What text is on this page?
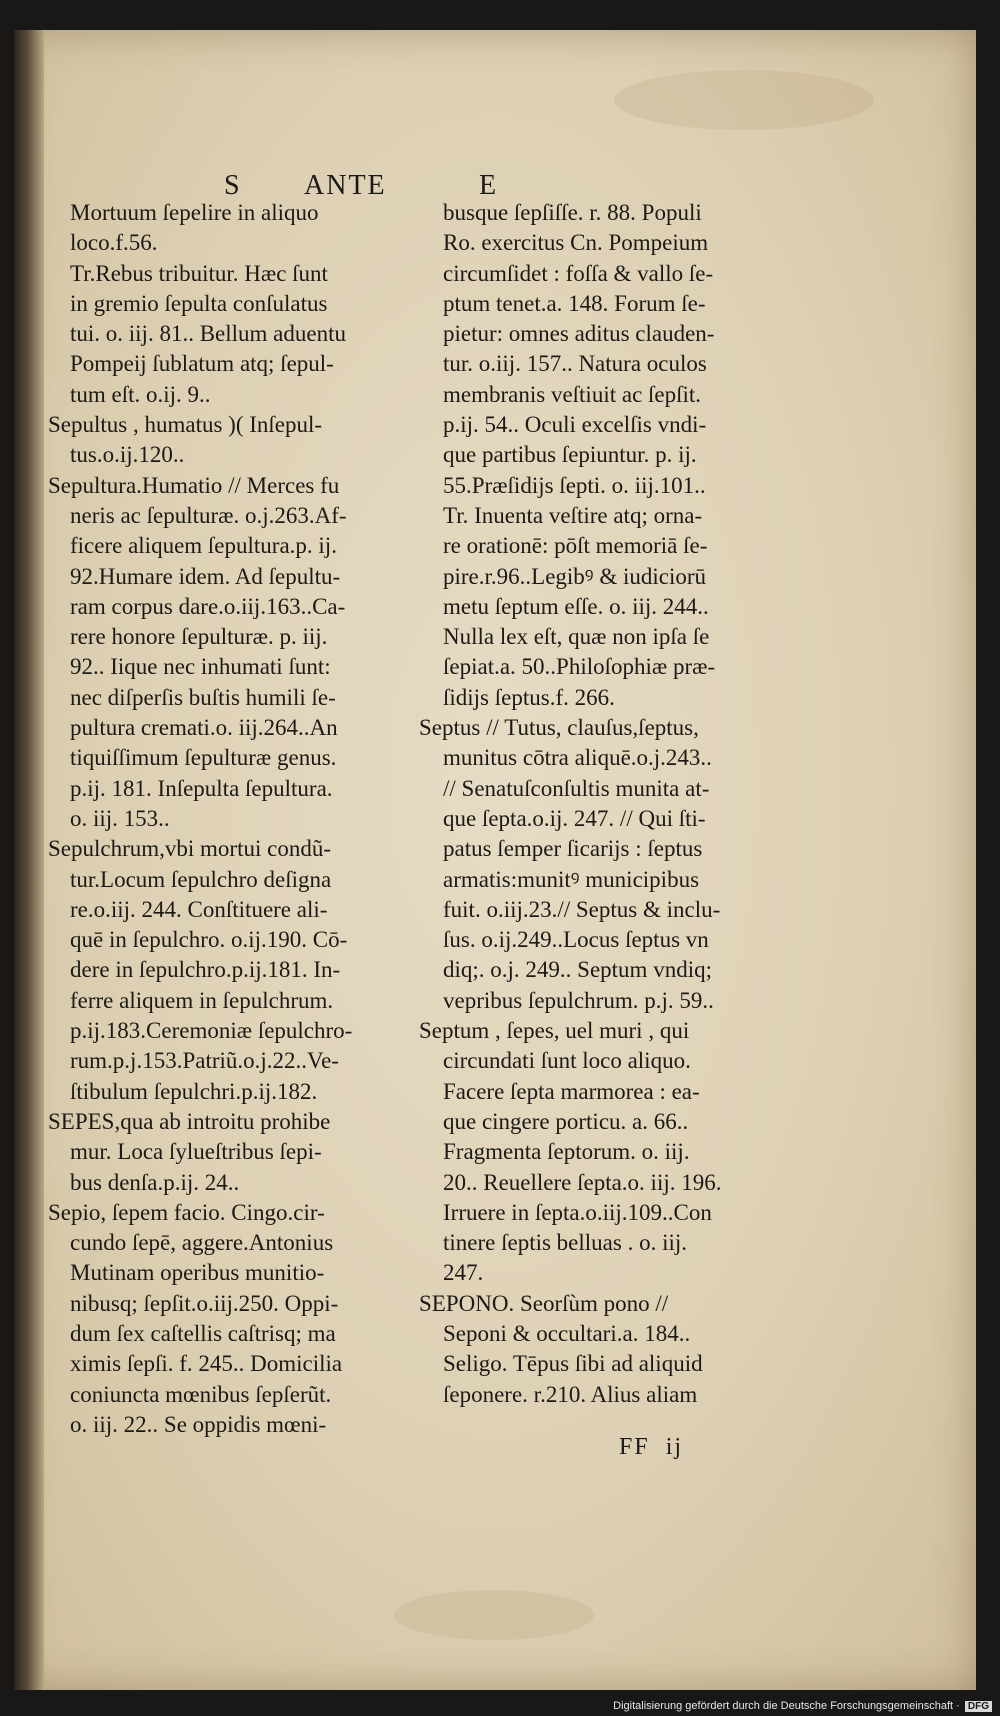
S ANTE	E
Mortuum ſepelire in aliquo
loco.f.56.
Tr.Rebus tribuitur. Hæc ſunt
in gremio ſepulta conſulatus
tui. o. iij. 81.. Bellum aduentu
Pompeij ſublatum atq; ſepul-
tum eſt. o.ij. 9..
Sepultus , humatus )( Inſepul-
tus.o.ij.120..
Sepultura.Humatio // Merces fu
neris ac ſepulturæ. o.j.263.Af-
ficere aliquem ſepultura.p. ij.
92.Humare idem. Ad ſepultu-
ram corpus dare.o.iij.163..Ca-
rere honore ſepulturæ. p. iij.
92.. Iique nec inhumati ſunt:
nec diſperſis buſtis humili ſe-
pultura cremati.o. iij.264..An
tiquiſſimum ſepulturæ genus.
p.ij. 181. Inſepulta ſepultura.
o. iij. 153..
Sepulchrum,vbi mortui condũ-
tur.Locum ſepulchro deſigna
re.o.iij. 244. Conſtituere ali-
quē in ſepulchro. o.ij.190. Cō-
dere in ſepulchro.p.ij.181. In-
ferre aliquem in ſepulchrum.
p.ij.183.Ceremoniæ ſepulchro-
rum.p.j.153.Patriũ.o.j.22..Ve-
ſtibulum ſepulchri.p.ij.182.
SEPES,qua ab introitu prohibe
mur. Loca ſylueſtribus ſepi-
bus denſa.p.ij. 24..
Sepio, ſepem facio. Cingo.cir-
cundo ſepē, aggere.Antonius
Mutinam operibus munitio-
nibusq; ſepſit.o.iij.250. Oppi-
dum ſex caſtellis caſtrisq; ma
ximis ſepſi. f. 245.. Domicilia
coniuncta mœnibus ſepſerũt.
o. iij. 22.. Se oppidis mœni-
busque ſepſiſſe. r. 88. Populi
Ro. exercitus Cn. Pompeium
circumſidet : foſſa & vallo ſe-
ptum tenet.a. 148. Forum ſe-
pietur: omnes aditus clauden-
tur. o.iij. 157.. Natura oculos
membranis veſtiuit ac ſepſit.
p.ij. 54.. Oculi excelſis vndi-
que partibus ſepiuntur. p. ij.
55.Præſidijs ſepti. o. iij.101..
Tr. Inuenta veſtire atq; orna-
re orationē: pōſt memoriā ſe-
pire.r.96..Legibꝰ & iudiciorū
metu ſeptum eſſe. o. iij. 244..
Nulla lex eſt, quæ non ipſa ſe
ſepiat.a. 50..Philoſophiæ præ-
ſidijs ſeptus.f. 266.
Septus // Tutus, clauſus,ſeptus,
munitus cōtra aliquē.o.j.243..
// Senatuſconſultis munita at-
que ſepta.o.ij. 247. // Qui ſti-
patus ſemper ſicarijs : ſeptus
armatis:munitꝰ municipibus
fuit. o.iij.23.// Septus & inclu-
ſus. o.ij.249..Locus ſeptus vn
diq;. o.j. 249.. Septum vndiq;
vepribus ſepulchrum. p.j. 59..
Septum , ſepes, uel muri , qui
circundati ſunt loco aliquo.
Facere ſepta marmorea : ea-
que cingere porticu. a. 66..
Fragmenta ſeptorum. o. iij.
20.. Reuellere ſepta.o. iij. 196.
Irruere in ſepta.o.iij.109..Con
tinere ſeptis belluas . o. iij.
247.
SEPONO. Seorſùm pono //
Seponi & occultari.a. 184..
Seligo. Tēpus ſibi ad aliquid
ſeponere. r.210. Alius aliam
FF  ij
Digitalisierung gefördert durch die Deutsche Forschungsgemeinschaft · DFG
